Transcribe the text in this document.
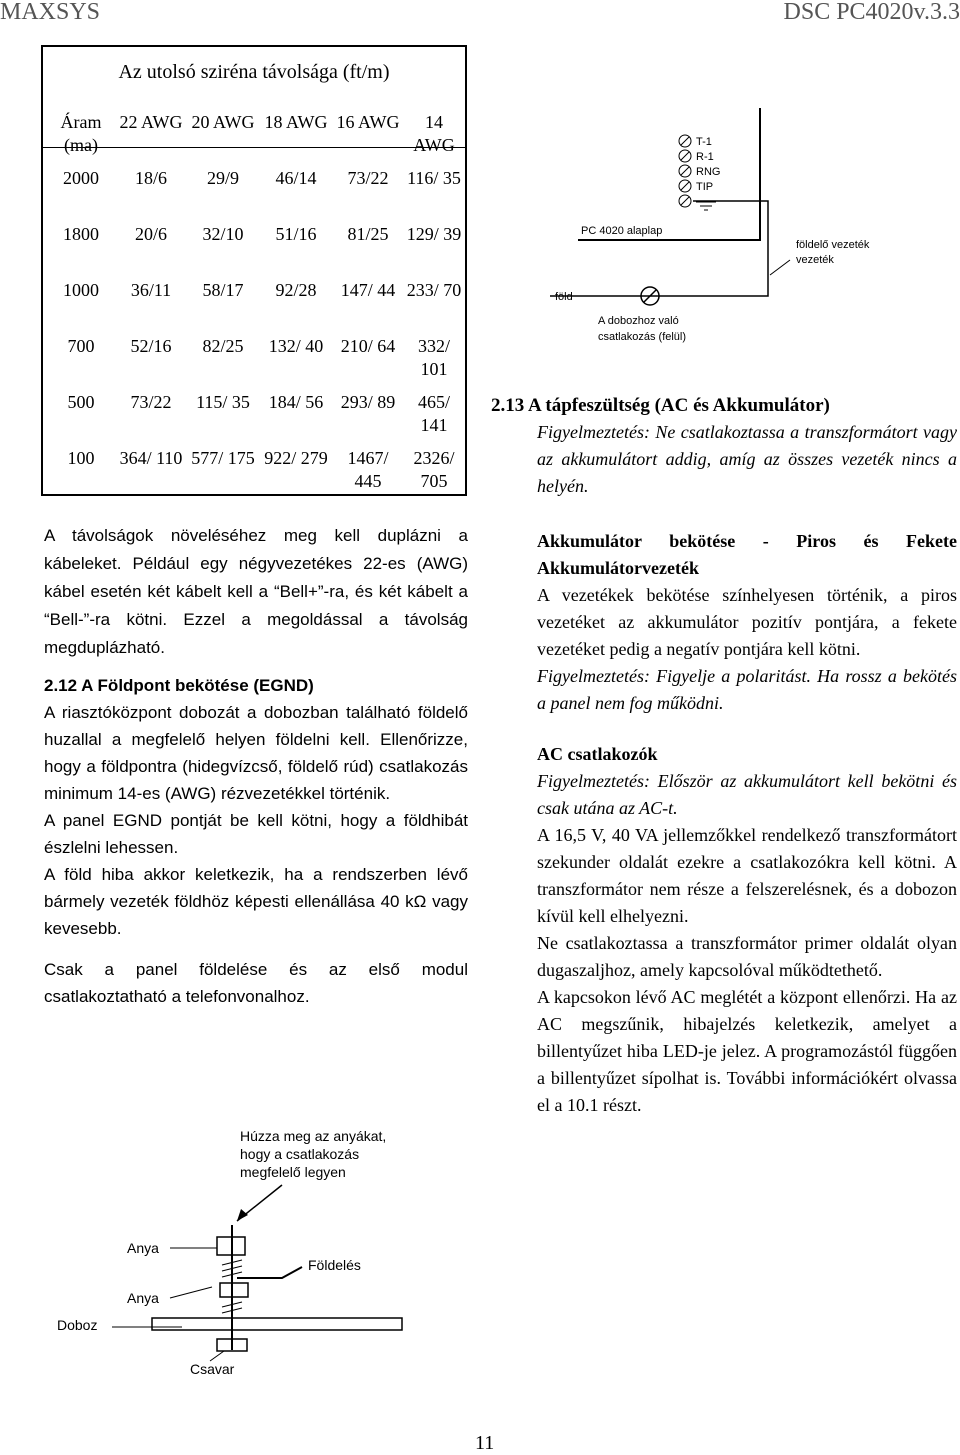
MAXSYS	DSC PC4020v.3.3
Az utolsó sziréna távolsága (ft/m)
Áram (ma)	22 AWG	20 AWG	18 AWG	16 AWG	14 AWG
2000	18/6	29/9	46/14	73/22	116/ 35
1800	20/6	32/10	51/16	81/25	129/ 39
1000	36/11	58/17	92/28	147/ 44	233/ 70
700	52/16	82/25	132/ 40	210/ 64	332/ 101
500	73/22	115/ 35	184/ 56	293/ 89	465/ 141
100	364/ 110	577/ 175	922/ 279	1467/ 445	2326/ 705

A távolságok növeléséhez meg kell duplázni a kábeleket. Például egy négyvezetékes 22-es (AWG) kábel esetén két kábelt kell a “Bell+”-ra, és két kábelt a “Bell-”-ra kötni. Ezzel a megoldással a távolság megduplázható.

2.12 A Földpont bekötése (EGND)

A riasztóközpont dobozát a dobozban található földelő huzallal a megfelelő helyen földelni kell. Ellenőrizze, hogy a földpontra (hidegvízcső, földelő rúd) csatlakozás minimum 14-es (AWG) rézvezetékkel történik.

A panel EGND pontját be kell kötni, hogy a földhibát észlelni lehessen.

A föld hiba akkor keletkezik, ha a rendszerben lévő bármely vezeték földhöz képesti ellenállása 40 kΩ vagy kevesebb.

Csak a panel földelése és az első modul csatlakoztatható a telefonvonalhoz.

T-1
R-1
RNG
TIP
PC 4020 alaplap
földelő vezeték
vezeték
föld
A dobozhoz való
csatlakozás (felül)

2.13 A tápfeszültség (AC és Akkumulátor)

Figyelmeztetés: Ne csatlakoztassa a transzformátort vagy az akkumulátort addig, amíg az összes vezeték nincs a helyén.

Akkumulátor bekötése - Piros és Fekete Akkumulátorvezeték

A vezetékek bekötése színhelyesen történik, a piros vezetéket az akkumulátor pozitív pontjára, a fekete vezetéket pedig a negatív pontjára kell kötni.

Figyelmeztetés: Figyelje a polaritást. Ha rossz a bekötés a panel nem fog működni.

AC csatlakozók

Figyelmeztetés: Először az akkumulátort kell bekötni és csak utána az AC-t.

A 16,5 V, 40 VA jellemzőkkel rendelkező transzformátort szekunder oldalát ezekre a csatlakozókra kell kötni. A transzformátor nem része a felszerelésnek, és a dobozon kívül kell elhelyezni.

Ne csatlakoztassa a transzformátor primer oldalát olyan dugaszaljhoz, amely kapcsolóval működtethető.

A kapcsokon lévő AC meglétét a központ ellenőrzi. Ha az AC megszűnik, hibajelzés keletkezik, amelyet a billentyűzet hiba LED-je jelez. A programozástól függően a billentyűzet sípolhat is. További információkért olvassa el a 10.1 részt.

Húzza meg az anyákat,
hogy a csatlakozás
megfelelő legyen
Anya
Anya
Földelés
Doboz
Csavar
11
